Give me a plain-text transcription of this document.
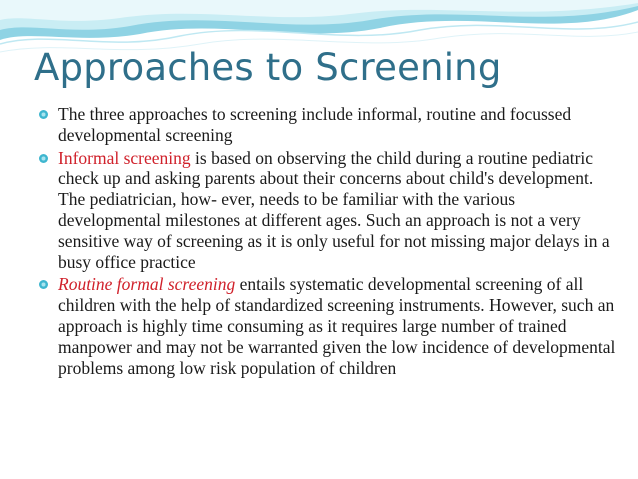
Approaches to Screening
The three approaches to screening include informal, routine and focussed developmental screening
Informal screening is based on observing the child during a routine pediatric check up and asking parents about their concerns about child's development. The pediatrician, how- ever, needs to be familiar with the various developmental milestones at different ages. Such an approach is not a very sensitive way of screening as it is only useful for not missing major delays in a busy office practice
Routine formal screening entails systematic developmental screening of all children with the help of standardized screening instruments. However, such an approach is highly time consuming as it requires large number of trained manpower and may not be warranted given the low incidence of developmental problems among low risk population of children
